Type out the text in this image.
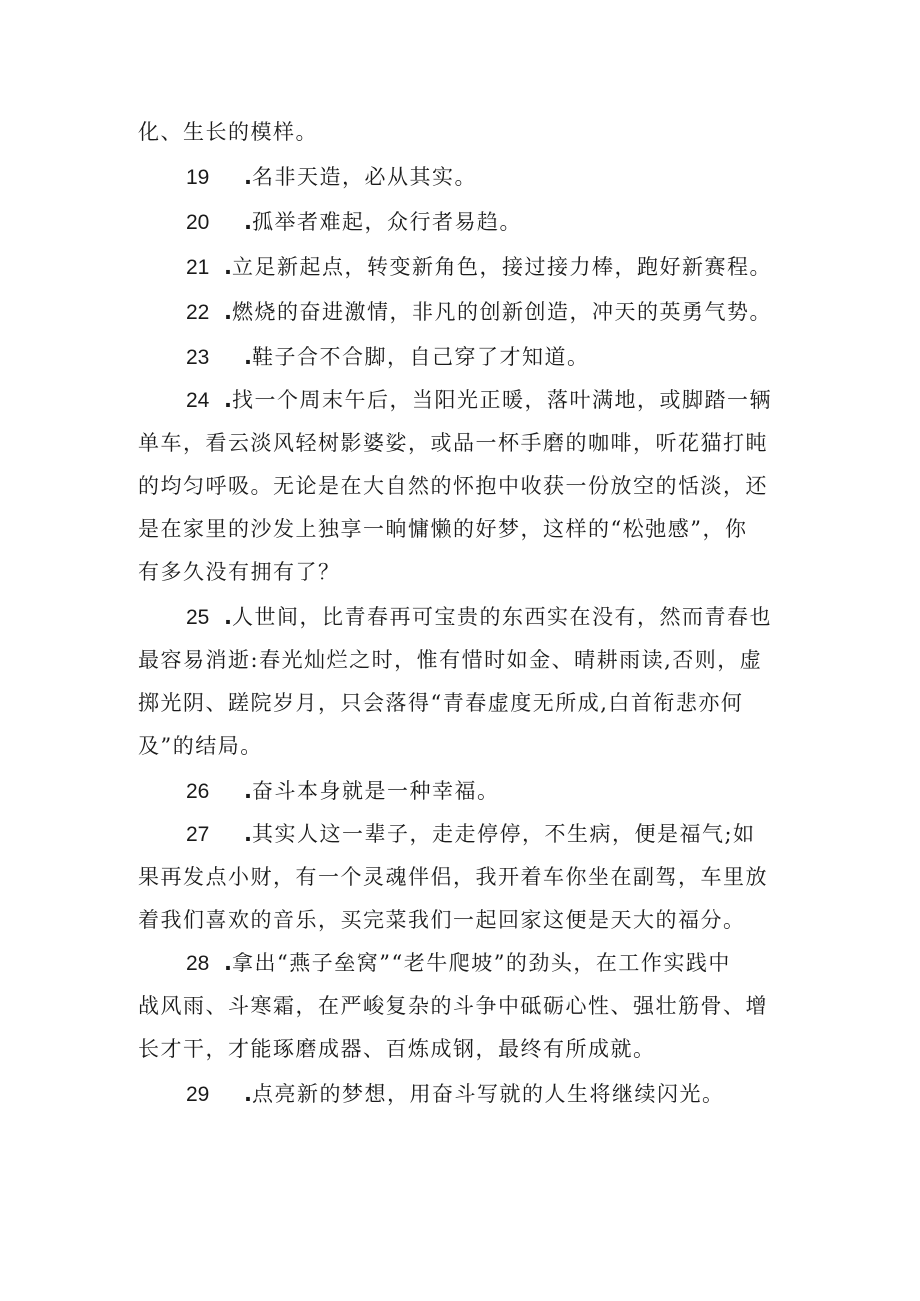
化、生长的模样。
19 .名非天造，必从其实。
20 .孤举者难起，众行者易趋。
21 .立足新起点，转变新角色，接过接力棒，跑好新赛程。
22 .燃烧的奋进激情，非凡的创新创造，冲天的英勇气势。
23 .鞋子合不合脚，自己穿了才知道。
24 .找一个周末午后，当阳光正暖，落叶满地，或脚踏一辆
单车，看云淡风轻树影婆娑，或品一杯手磨的咖啡，听花猫打盹
的均匀呼吸。无论是在大自然的怀抱中收获一份放空的恬淡，还
是在家里的沙发上独享一晌慵懒的好梦，这样的“松弛感”，你
有多久没有拥有了？
25 .人世间，比青春再可宝贵的东西实在没有，然而青春也
最容易消逝:春光灿烂之时，惟有惜时如金、晴耕雨读,否则，虚
掷光阴、蹉院岁月，只会落得“青春虚度无所成,白首衔悲亦何
及”的结局。
26 .奋斗本身就是一种幸福。
27 .其实人这一辈子，走走停停，不生病，便是福气;如
果再发点小财，有一个灵魂伴侣，我开着车你坐在副驾，车里放
着我们喜欢的音乐，买完菜我们一起回家这便是天大的福分。
28 .拿出“燕子垒窝”“老牛爬坡”的劲头，在工作实践中
战风雨、斗寒霜，在严峻复杂的斗争中砥砺心性、强壮筋骨、增
长才干，才能琢磨成器、百炼成钢，最终有所成就。
29 .点亮新的梦想，用奋斗写就的人生将继续闪光。
